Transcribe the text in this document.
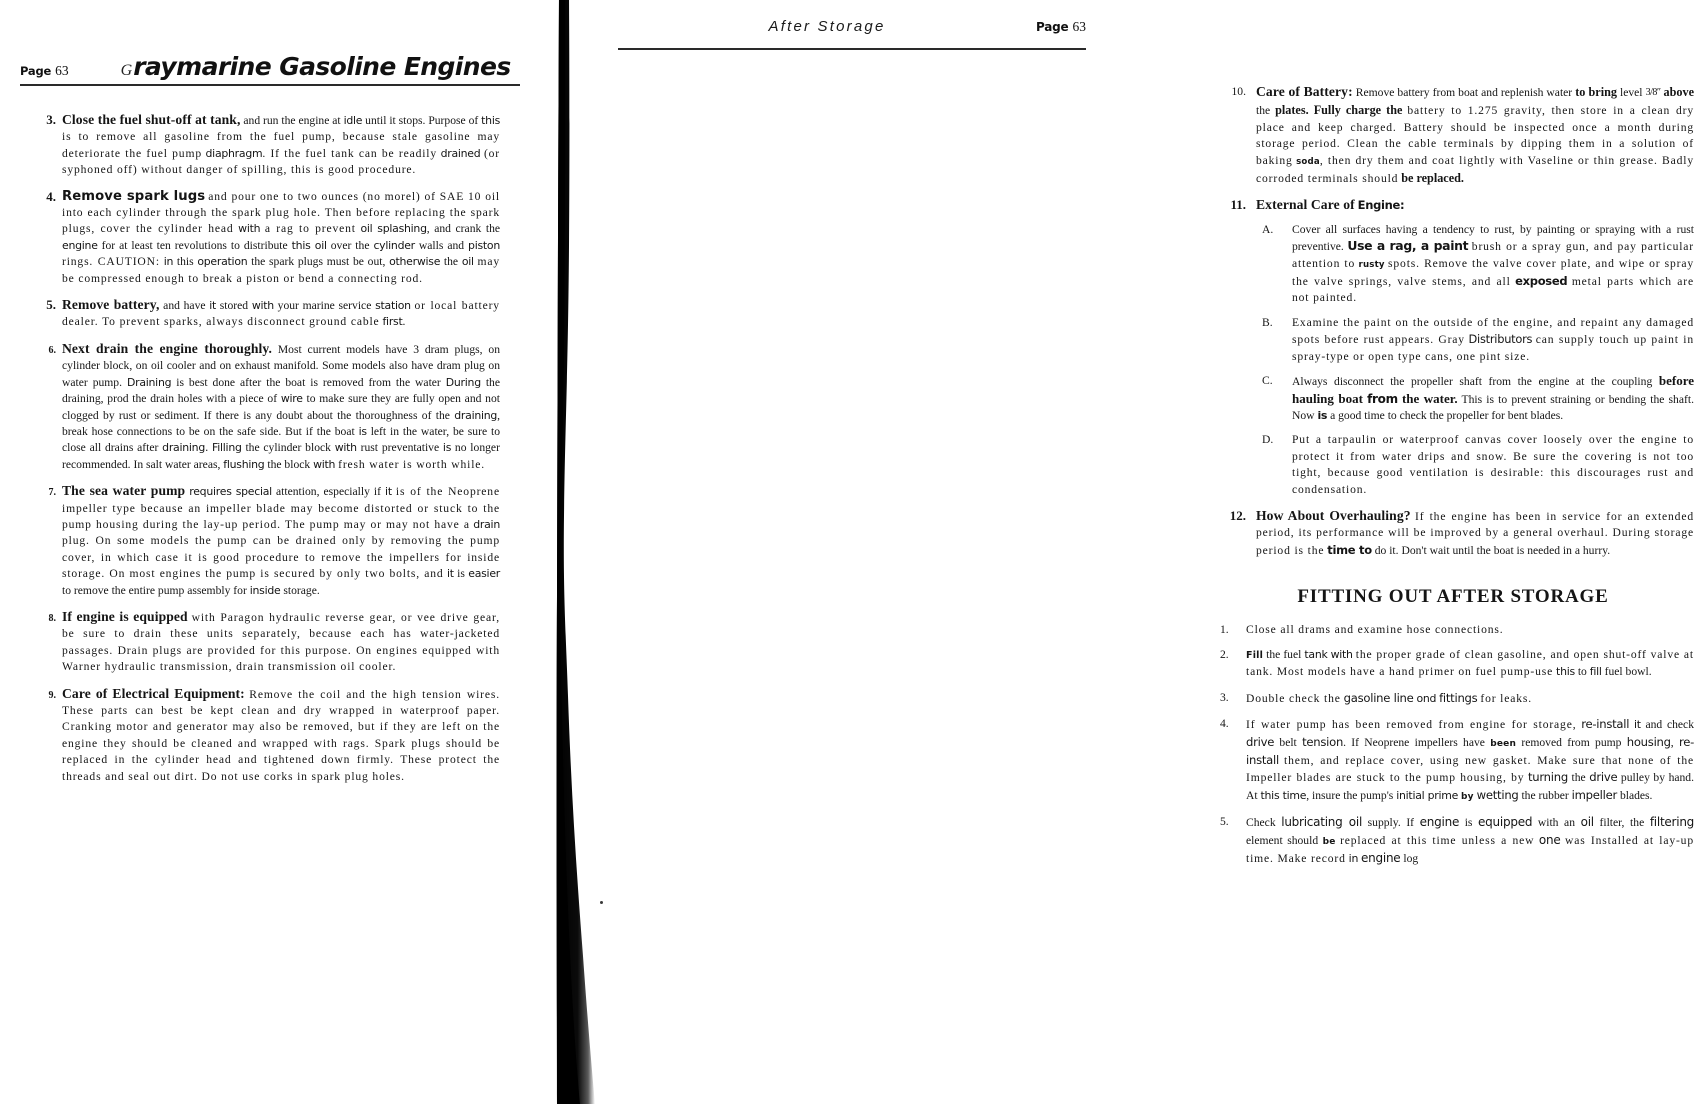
Page 63	G raymarine Gasoline Engines
3. Close the fuel shut-off at tank, and run the engine at idle until it stops. Purpose of this is to remove all gasoline from the fuel pump, because stale gasoline may deteriorate the fuel pump diaphragm. If the fuel tank can be readily drained (or syphoned off) without danger of spilling, this is good procedure.
4. Remove spark lugs and pour one to two ounces (no morel) of SAE 10 oil into each cylinder through the spark plug hole. Then before replacing the spark plugs, cover the cylinder head with a rag to prevent oil splashing, and crank the engine for at least ten revolutions to distribute this oil over the cylinder walls and piston rings. CAUTION: in this operation the spark plugs must be out, otherwise the oil may be compressed enough to break a piston or bend a connecting rod.
5. Remove battery, and have it stored with your marine service station or local battery dealer. To prevent sparks, always disconnect ground cable first.
6. Next drain the engine thoroughly. Most current models have 3 dram plugs, on cylinder block, on oil cooler and on exhaust manifold. Some models also have dram plug on water pump. Draining is best done after the boat is removed from the water During the draining, prod the drain holes with a piece of wire to make sure they are fully open and not clogged by rust or sediment. If there is any doubt about the thoroughness of the draining, break hose connections to be on the safe side. But if the boat is left in the water, be sure to close all drains after draining. Filling the cylinder block with rust preventative is no longer recommended. In salt water areas, flushing the block with fresh water is worth while.
7. The sea water pump requires special attention, especially if it is of the Neoprene impeller type because an impeller blade may become distorted or stuck to the pump housing during the lay-up period. The pump may or may not have a drain plug. On some models the pump can be drained only by removing the pump cover, in which case it is good procedure to remove the impellers for inside storage. On most engines the pump is secured by only two bolts, and it is easier to remove the entire pump assembly for inside storage.
8. If engine is equipped with Paragon hydraulic reverse gear, or vee drive gear, be sure to drain these units separately, because each has water-jacketed passages. Drain plugs are provided for this purpose. On engines equipped with Warner hydraulic transmission, drain transmission oil cooler.
9. Care of Electrical Equipment: Remove the coil and the high tension wires. These parts can best be kept clean and dry wrapped in waterproof paper. Cranking motor and generator may also be removed, but if they are left on the engine they should be cleaned and wrapped with rags. Spark plugs should be replaced in the cylinder head and tightened down firmly. These protect the threads and seal out dirt. Do not use corks in spark plug holes.
After Storage	Page 63
10. Care of Battery: Remove battery from boat and replenish water to bring level 3/8″ above the plates. Fully charge the battery to 1.275 gravity, then store in a clean dry place and keep charged. Battery should be inspected once a month during storage period. Clean the cable terminals by dipping them in a solution of baking soda, then dry them and coat lightly with Vaseline or thin grease. Badly corroded terminals should be replaced.
11. External Care of Engine:
A.	Cover all surfaces having a tendency to rust, by painting or spraying with a rust preventive. Use a rag, a paint brush or a spray gun, and pay particular attention to rusty spots. Remove the valve cover plate, and wipe or spray the valve springs, valve stems, and all exposed metal parts which are not painted.
B.	Examine the paint on the outside of the engine, and repaint any damaged spots before rust appears. Gray Distributors can supply touch up paint in spray-type or open type cans, one pint size.
C.	Always disconnect the propeller shaft from the engine at the coupling before hauling boat from the water. This is to prevent straining or bending the shaft. Now is a good time to check the propeller for bent blades.
D.	Put a tarpaulin or waterproof canvas cover loosely over the engine to protect it from water drips and snow. Be sure the covering is not too tight, because good ventilation is desirable: this discourages rust and condensation.
12. How About Overhauling? If the engine has been in service for an extended period, its performance will be improved by a general overhaul. During storage period is the time to do it. Don't wait until the boat is needed in a hurry.
FITTING OUT AFTER STORAGE
1.	Close all drams and examine hose connections.
2.	Fill the fuel tank with the proper grade of clean gasoline, and open shut-off valve at tank. Most models have a hand primer on fuel pump-use this to fill fuel bowl.
3.	Double check the gasoline line ond fittings for leaks.
4.	If water pump has been removed from engine for storage, re-install it and check drive belt tension. If Neoprene impellers have been removed from pump housing, re-install them, and replace cover, using new gasket. Make sure that none of the Impeller blades are stuck to the pump housing, by turning the drive pulley by hand. At this time, insure the pump's initial prime by wetting the rubber impeller blades.
5.	Check lubricating oil supply. If engine is equipped with an oil filter, the filtering element should be replaced at this time unless a new one was Installed at lay-up time. Make record in engine log
